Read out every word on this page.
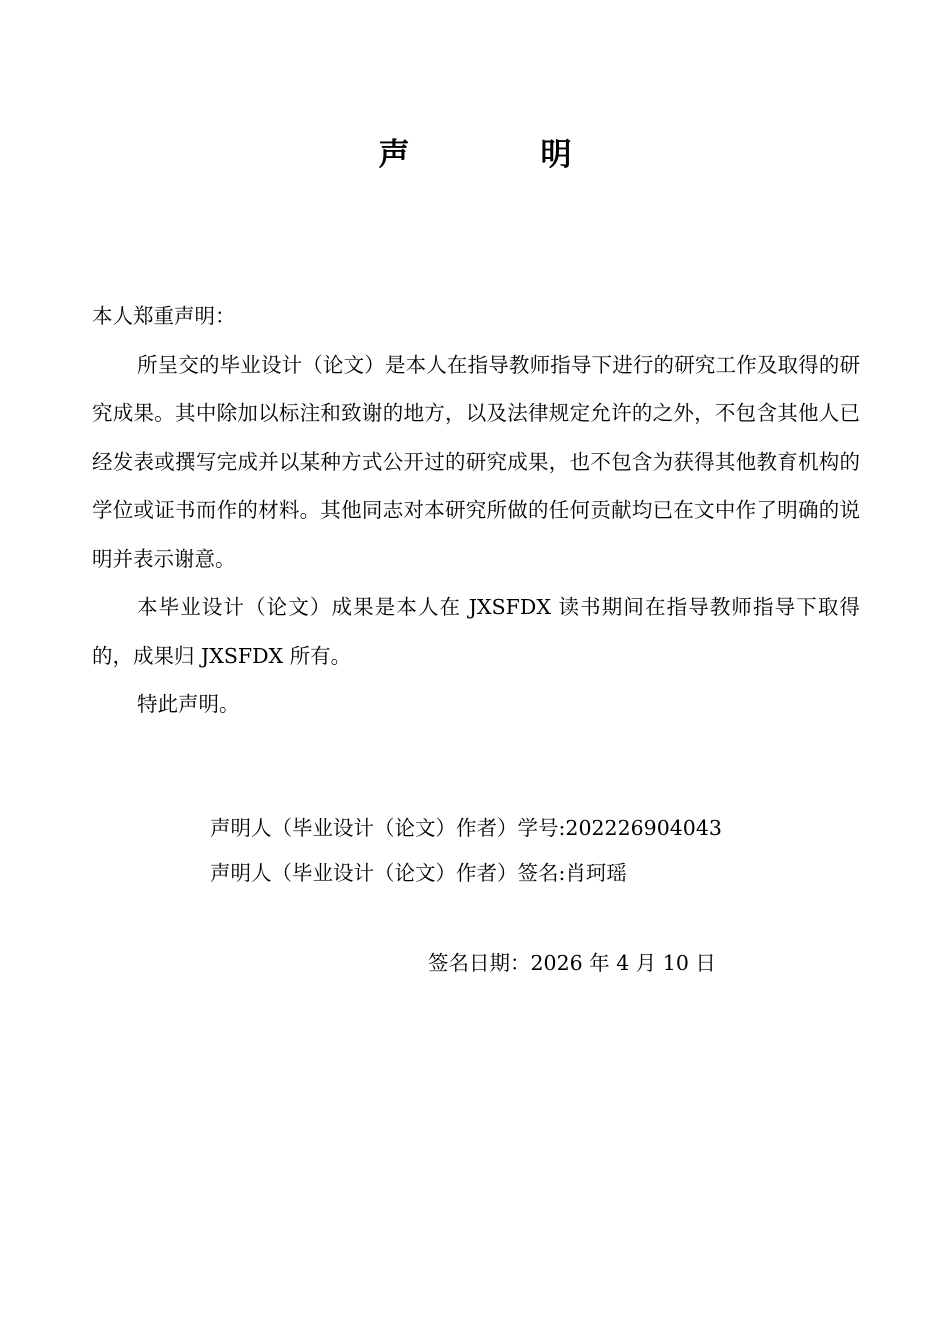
声　明

本人郑重声明：

所呈交的毕业设计（论文）是本人在指导教师指导下进行的研究工作及取得的研究成果。其中除加以标注和致谢的地方，以及法律规定允许的之外，不包含其他人已经发表或撰写完成并以某种方式公开过的研究成果，也不包含为获得其他教育机构的学位或证书而作的材料。其他同志对本研究所做的任何贡献均已在文中作了明确的说明并表示谢意。

本毕业设计（论文）成果是本人在 JXSFDX 读书期间在指导教师指导下取得的，成果归 JXSFDX 所有。

特此声明。

声明人（毕业设计（论文）作者）学号:202226904043
声明人（毕业设计（论文）作者）签名:肖珂瑶
签名日期：2026 年 4 月 10 日
